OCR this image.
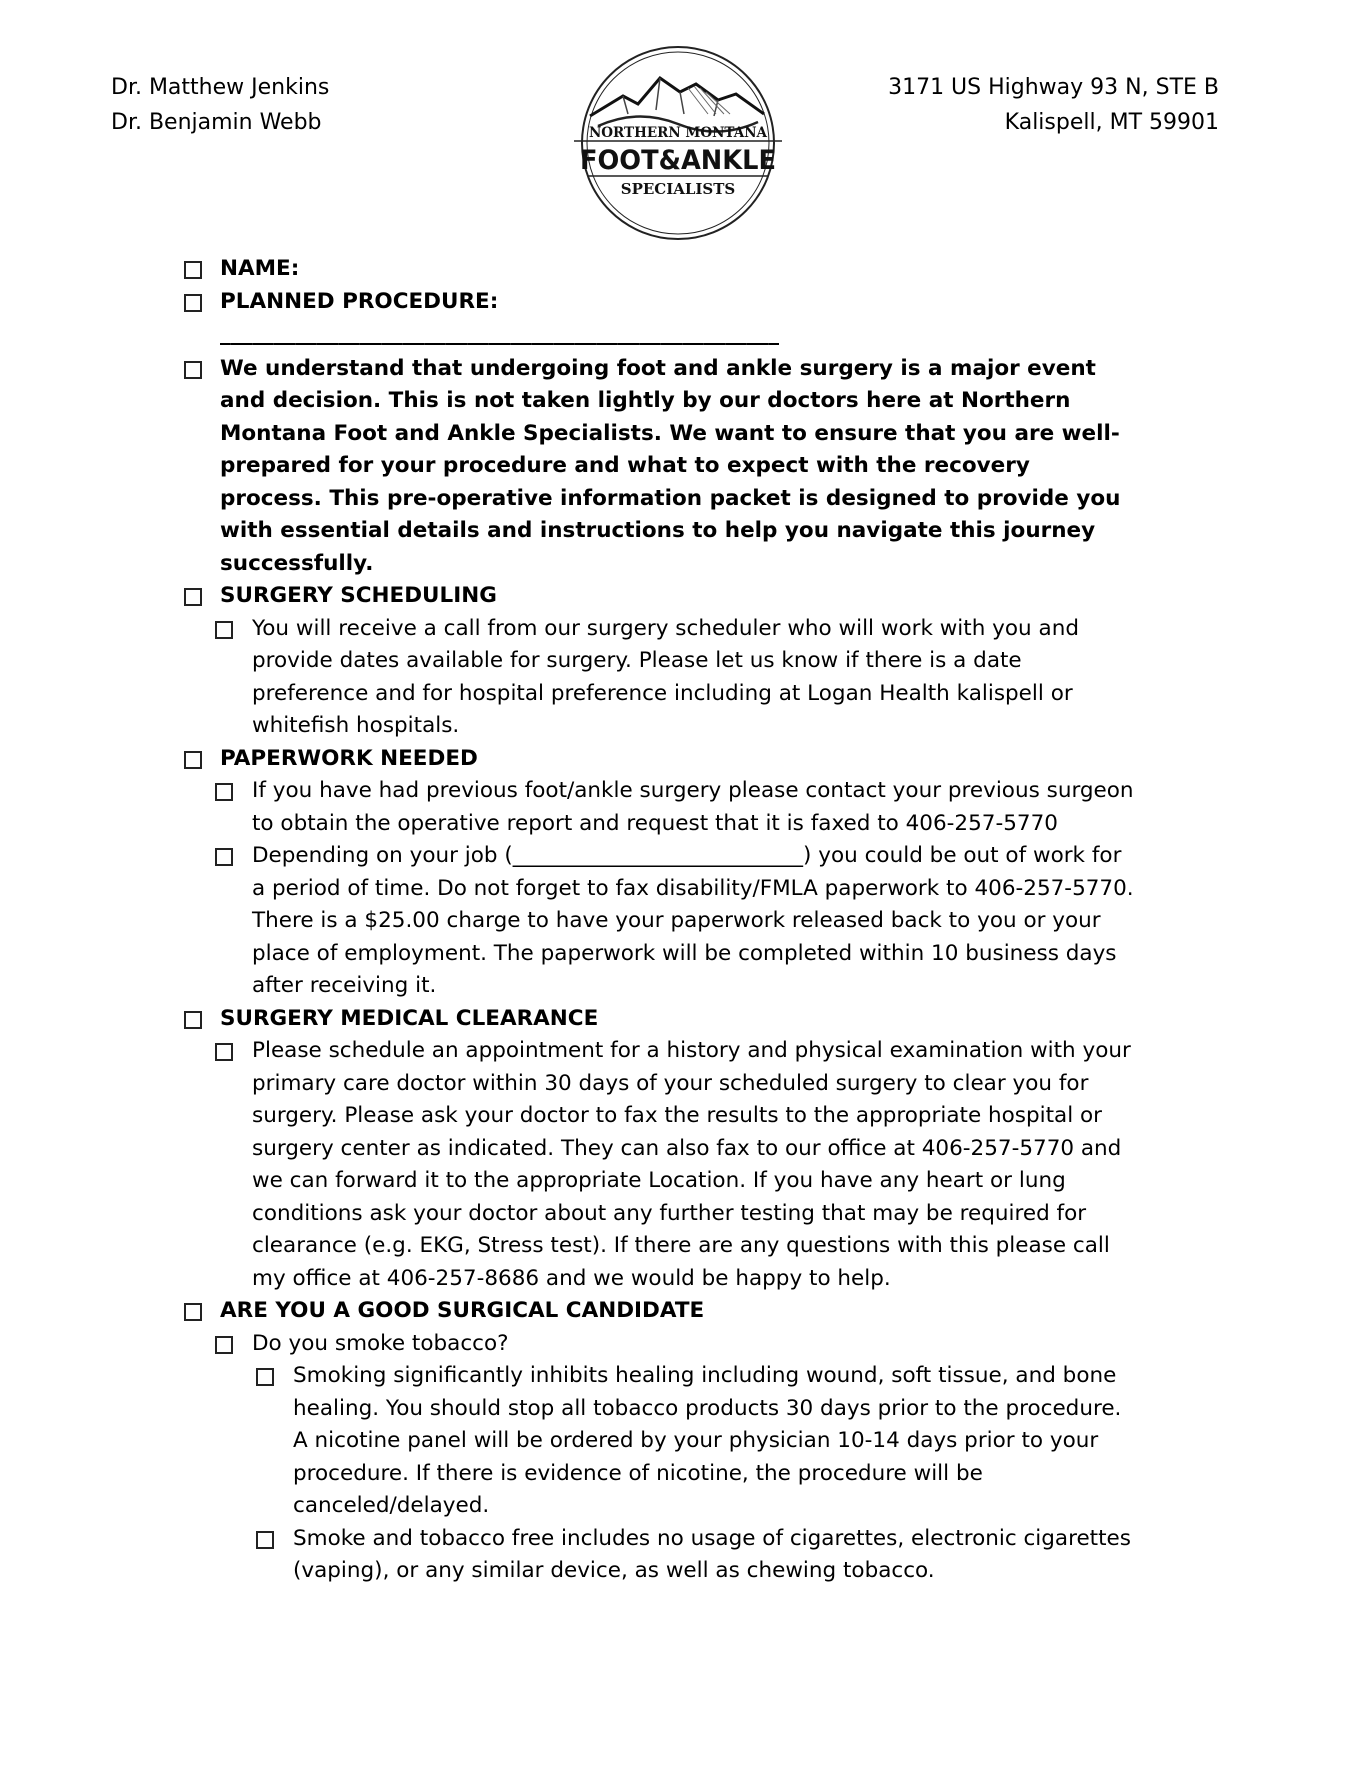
Dr. Matthew Jenkins
Dr. Benjamin Webb	NORTHERN MONTANA
FOOT&ANKLE
SPECIALISTS
3171 US Highway 93 N, STE B
Kalispell, MT 59901
NAME:
PLANNED PROCEDURE:
____________________________________________________
We understand that undergoing foot and ankle surgery is a major event and decision. This is not taken lightly by our doctors here at Northern Montana Foot and Ankle Specialists. We want to ensure that you are well-prepared for your procedure and what to expect with the recovery process. This pre-operative information packet is designed to provide you with essential details and instructions to help you navigate this journey successfully.
SURGERY SCHEDULING
You will receive a call from our surgery scheduler who will work with you and provide dates available for surgery. Please let us know if there is a date preference and for hospital preference including at Logan Health kalispell or whitefish hospitals.
PAPERWORK NEEDED
If you have had previous foot/ankle surgery please contact your previous surgeon to obtain the operative report and request that it is faxed to 406-257-5770
Depending on your job (___________________________) you could be out of work for a period of time. Do not forget to fax disability/FMLA paperwork to 406-257-5770. There is a $25.00 charge to have your paperwork released back to you or your place of employment. The paperwork will be completed within 10 business days after receiving it.
SURGERY MEDICAL CLEARANCE
Please schedule an appointment for a history and physical examination with your primary care doctor within 30 days of your scheduled surgery to clear you for surgery. Please ask your doctor to fax the results to the appropriate hospital or surgery center as indicated. They can also fax to our office at 406-257-5770 and we can forward it to the appropriate Location. If you have any heart or lung conditions ask your doctor about any further testing that may be required for clearance (e.g. EKG, Stress test). If there are any questions with this please call my office at 406-257-8686 and we would be happy to help.
ARE YOU A GOOD SURGICAL CANDIDATE
Do you smoke tobacco?
Smoking significantly inhibits healing including wound, soft tissue, and bone healing. You should stop all tobacco products 30 days prior to the procedure. A nicotine panel will be ordered by your physician 10-14 days prior to your procedure. If there is evidence of nicotine, the procedure will be canceled/delayed.
Smoke and tobacco free includes no usage of cigarettes, electronic cigarettes (vaping), or any similar device, as well as chewing tobacco.
